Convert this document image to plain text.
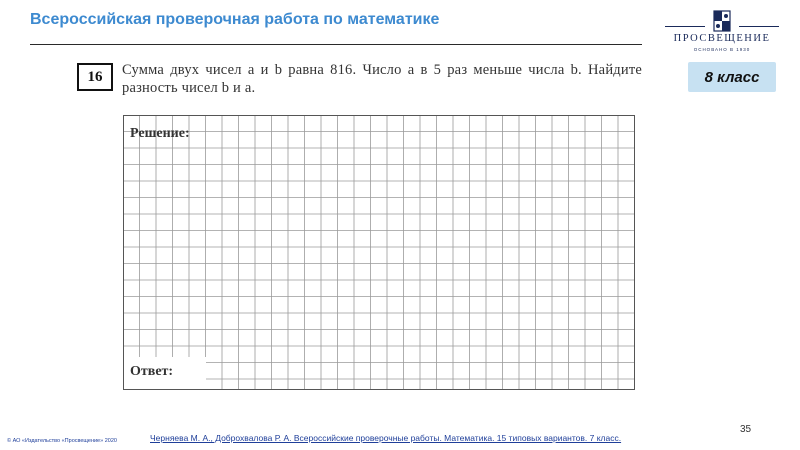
Всероссийская проверочная работа по математике
ПРОСВЕЩЕНИЕ
ОСНОВАНО В 1930
8 класс
16	Сумма двух чисел a и b равна 816. Число a в 5 раз меньше числа b. Найдите разность чисел b и a.
Решение:
Ответ:
35
Черняева М. А., Доброхвалова Р. А. Всероссийские проверочные работы. Математика. 15 типовых вариантов. 7 класс.
© АО «Издательство «Просвещение» 2020
